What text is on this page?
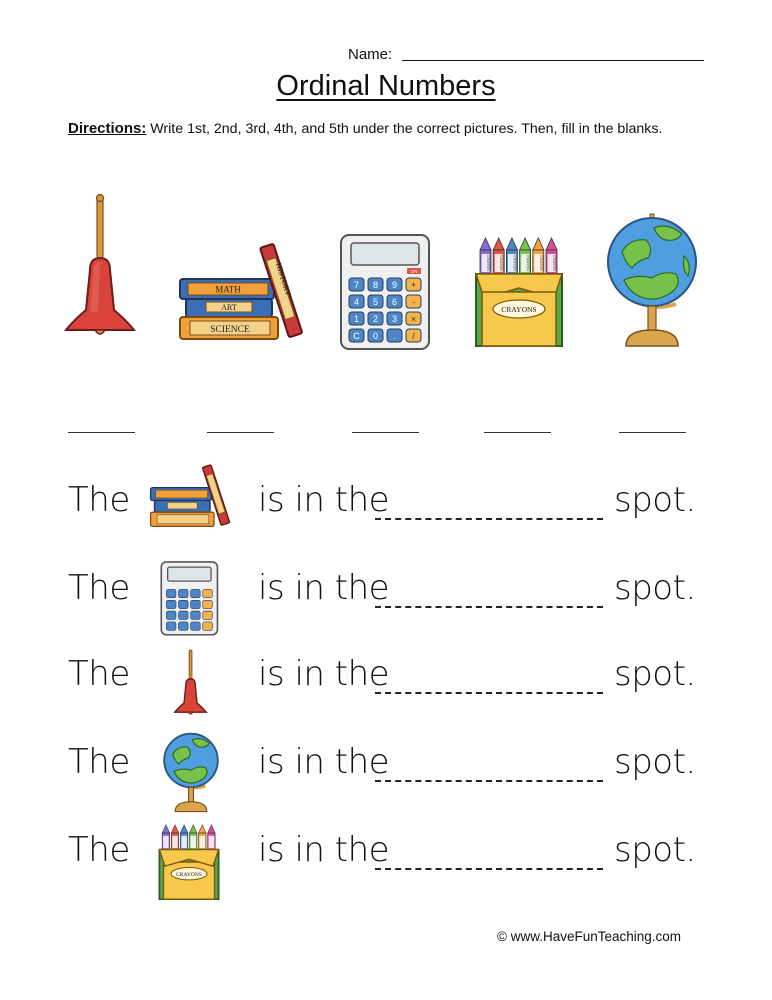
Name:
Ordinal Numbers
Directions: Write 1st, 2nd, 3rd, 4th, and 5th under the correct pictures. Then, fill in the blanks.
MATH
ART
SCIENCE
HISTORY	ON
7 8 9 +
4 5 6 -
1 2 3 ×
C 0 . /
CRAYON CRAYON CRAYON CRAYON CRAYON CRAYON
CRAYONS
The	is in the	spot.
The	is in the	spot.
The	is in the	spot.
The	is in the	spot.
The
CRAYONS
is in the	spot.
© www.HaveFunTeaching.com
